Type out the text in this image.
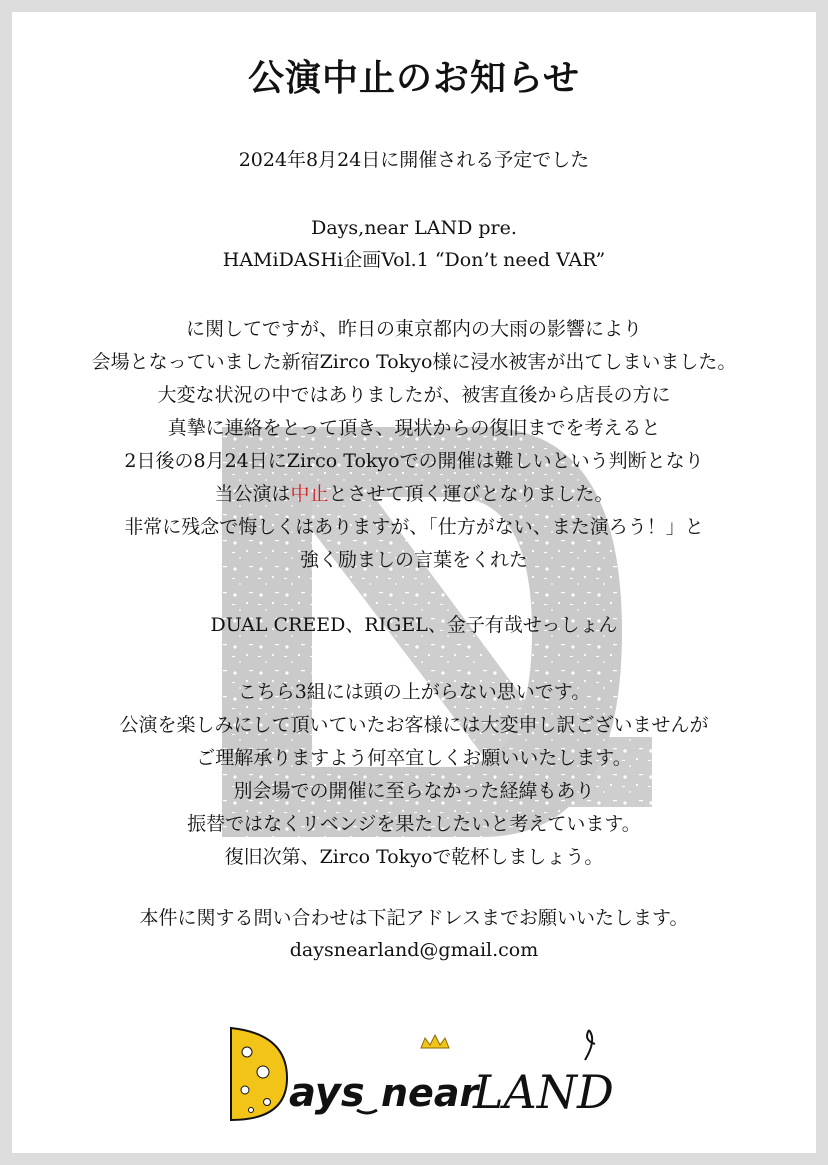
公演中止のお知らせ
2024年8月24日に開催される予定でした
Days,near LAND pre.
HAMiDASHi企画Vol.1 “Don’t need VAR”
に関してですが、昨日の東京都内の大雨の影響により
会場となっていました新宿Zirco Tokyo様に浸水被害が出てしまいました。
大変な状況の中ではありましたが、被害直後から店長の方に
真摯に連絡をとって頂き、現状からの復旧までを考えると
2日後の8月24日にZirco Tokyoでの開催は難しいという判断となり
当公演は中止とさせて頂く運びとなりました。
非常に残念で悔しくはありますが、「仕方がない、また演ろう！」と
強く励ましの言葉をくれた
DUAL CREED、RIGEL、金子有哉せっしょん
こちら3組には頭の上がらない思いです。
公演を楽しみにして頂いていたお客様には大変申し訳ございませんが
ご理解承りますよう何卒宜しくお願いいたします。
別会場での開催に至らなかった経緯もあり
振替ではなくリベンジを果たしたいと考えています。
復旧次第、Zirco Tokyoで乾杯しましょう。
本件に関する問い合わせは下記アドレスまでお願いいたします。
daysnearland@gmail.com
ays near
LAND
